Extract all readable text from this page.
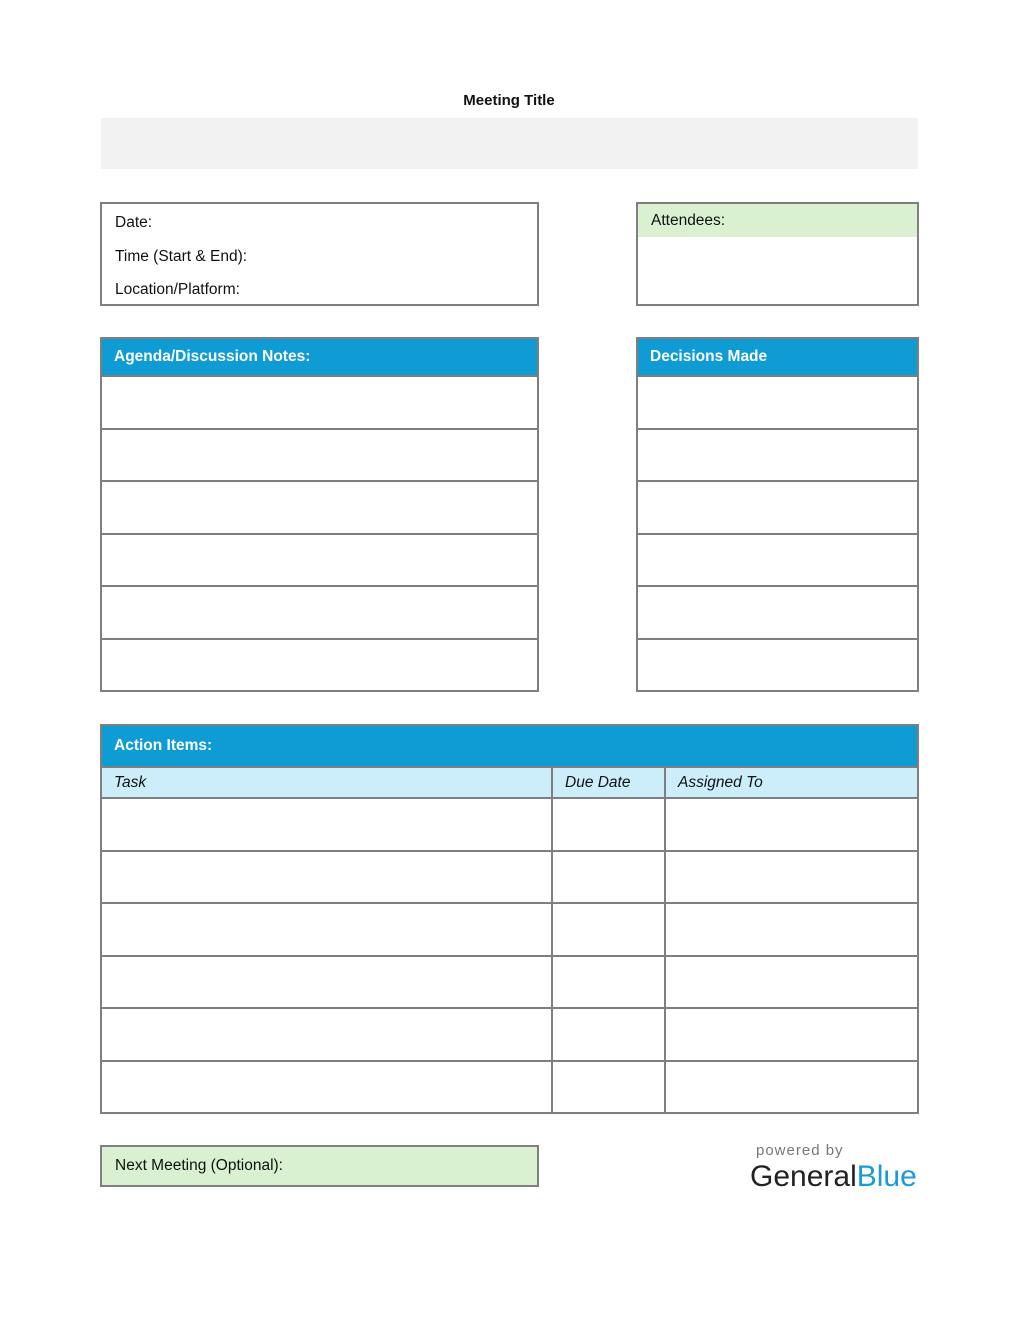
Meeting Title
Date:
Time (Start & End):
Location/Platform:
Attendees:
Agenda/Discussion Notes:	Decisions Made

Action Items:		
Task	Due Date	Assigned To

Next Meeting (Optional):
powered by
GeneralBlue
